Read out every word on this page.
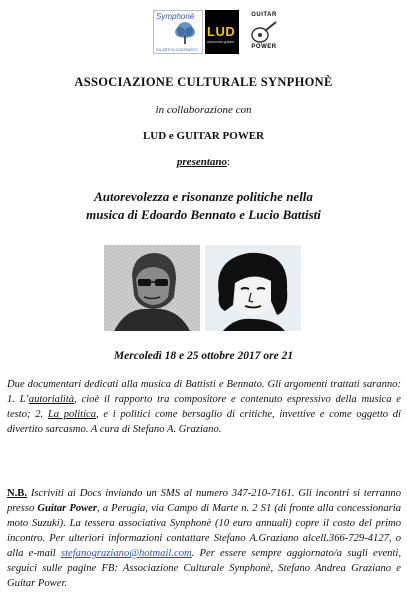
Symphonè
GIL ARTI IN CONTRASTO
LUD
autonome guitars
GUITAR
POWER
ASSOCIAZIONE CULTURALE SYNPHONÈ
in collaborazione con
LUD e GUITAR POWER
presentano:
Autorevolezza e risonanze politiche nella
musica di Edoardo Bennato e Lucio Battisti
Mercoledì 18 e 25 ottobre 2017 ore 21
Due documentari dedicati alla musica di Battisti e Bennato. Gli argomenti trattati saranno: 1. L’autorialità, cioè il rapporto tra compositore e contenuto espressivo della musica e testo; 2. La politica, e i politici come bersaglio di critiche, invettive e come oggetto di divertito sarcasmo. A cura di Stefano A. Graziano.
N.B. Iscriviti ai Docs inviando un SMS al numero 347-210-7161. Gli incontri si terranno presso Guitar Power, a Perugia, via Campo di Marte n. 2 S1 (di fronte alla concessionaria moto Suzuki). La tessera associativa Synphonè (10 euro annuali) copre il costo del primo incontro. Per ulteriori informazioni contattare Stefano A.Graziano alcell.366-729-4127, o alla e-mail stefanograziano@hotmail.com. Per essere sempre aggiornato/a sugli eventi, seguici sulle pagine FB: Associazione Culturale Synphonè, Stefano Andrea Graziano e Guitar Power.
